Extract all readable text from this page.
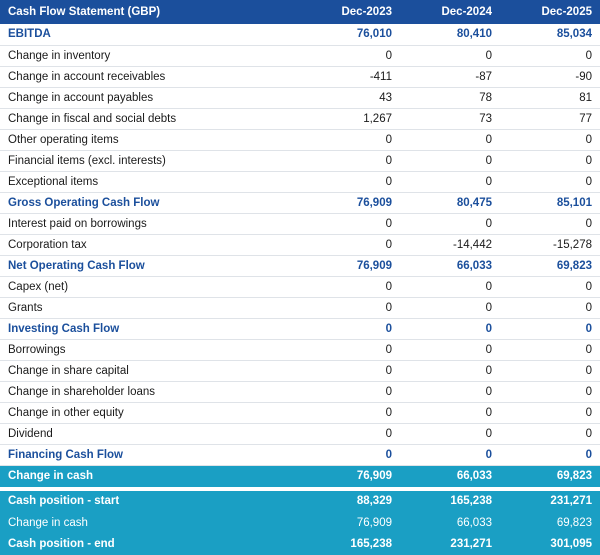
Cash Flow Statement (GBP)	Dec-2023	Dec-2024	Dec-2025
EBITDA	76,010	80,410	85,034
Change in inventory	0	0	0
Change in account receivables	-411	-87	-90
Change in account payables	43	78	81
Change in fiscal and social debts	1,267	73	77
Other operating items	0	0	0
Financial items (excl. interests)	0	0	0
Exceptional items	0	0	0
Gross Operating Cash Flow	76,909	80,475	85,101
Interest paid on borrowings	0	0	0
Corporation tax	0	-14,442	-15,278
Net Operating Cash Flow	76,909	66,033	69,823
Capex (net)	0	0	0
Grants	0	0	0
Investing Cash Flow	0	0	0
Borrowings	0	0	0
Change in share capital	0	0	0
Change in shareholder loans	0	0	0
Change in other equity	0	0	0
Dividend	0	0	0
Financing Cash Flow	0	0	0
Change in cash	76,909	66,033	69,823

Cash position - start	88,329	165,238	231,271
Change in cash	76,909	66,033	69,823
Cash position - end	165,238	231,271	301,095
